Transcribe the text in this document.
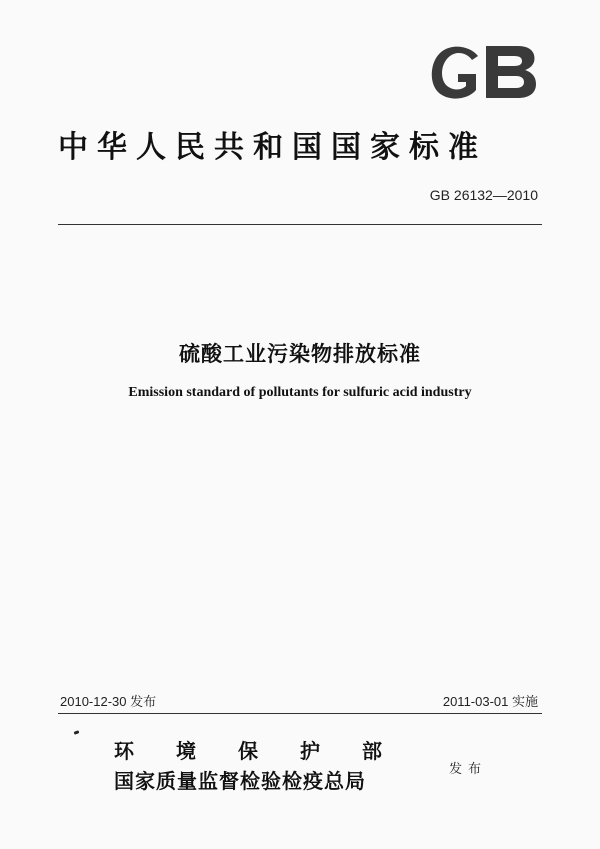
中华人民共和国国家标准
GB 26132—2010
硫酸工业污染物排放标准
Emission standard of pollutants for sulfuric acid industry
2010-12-30 发布	2011-03-01 实施
环境保护部
国家质量监督检验检疫总局	发布
